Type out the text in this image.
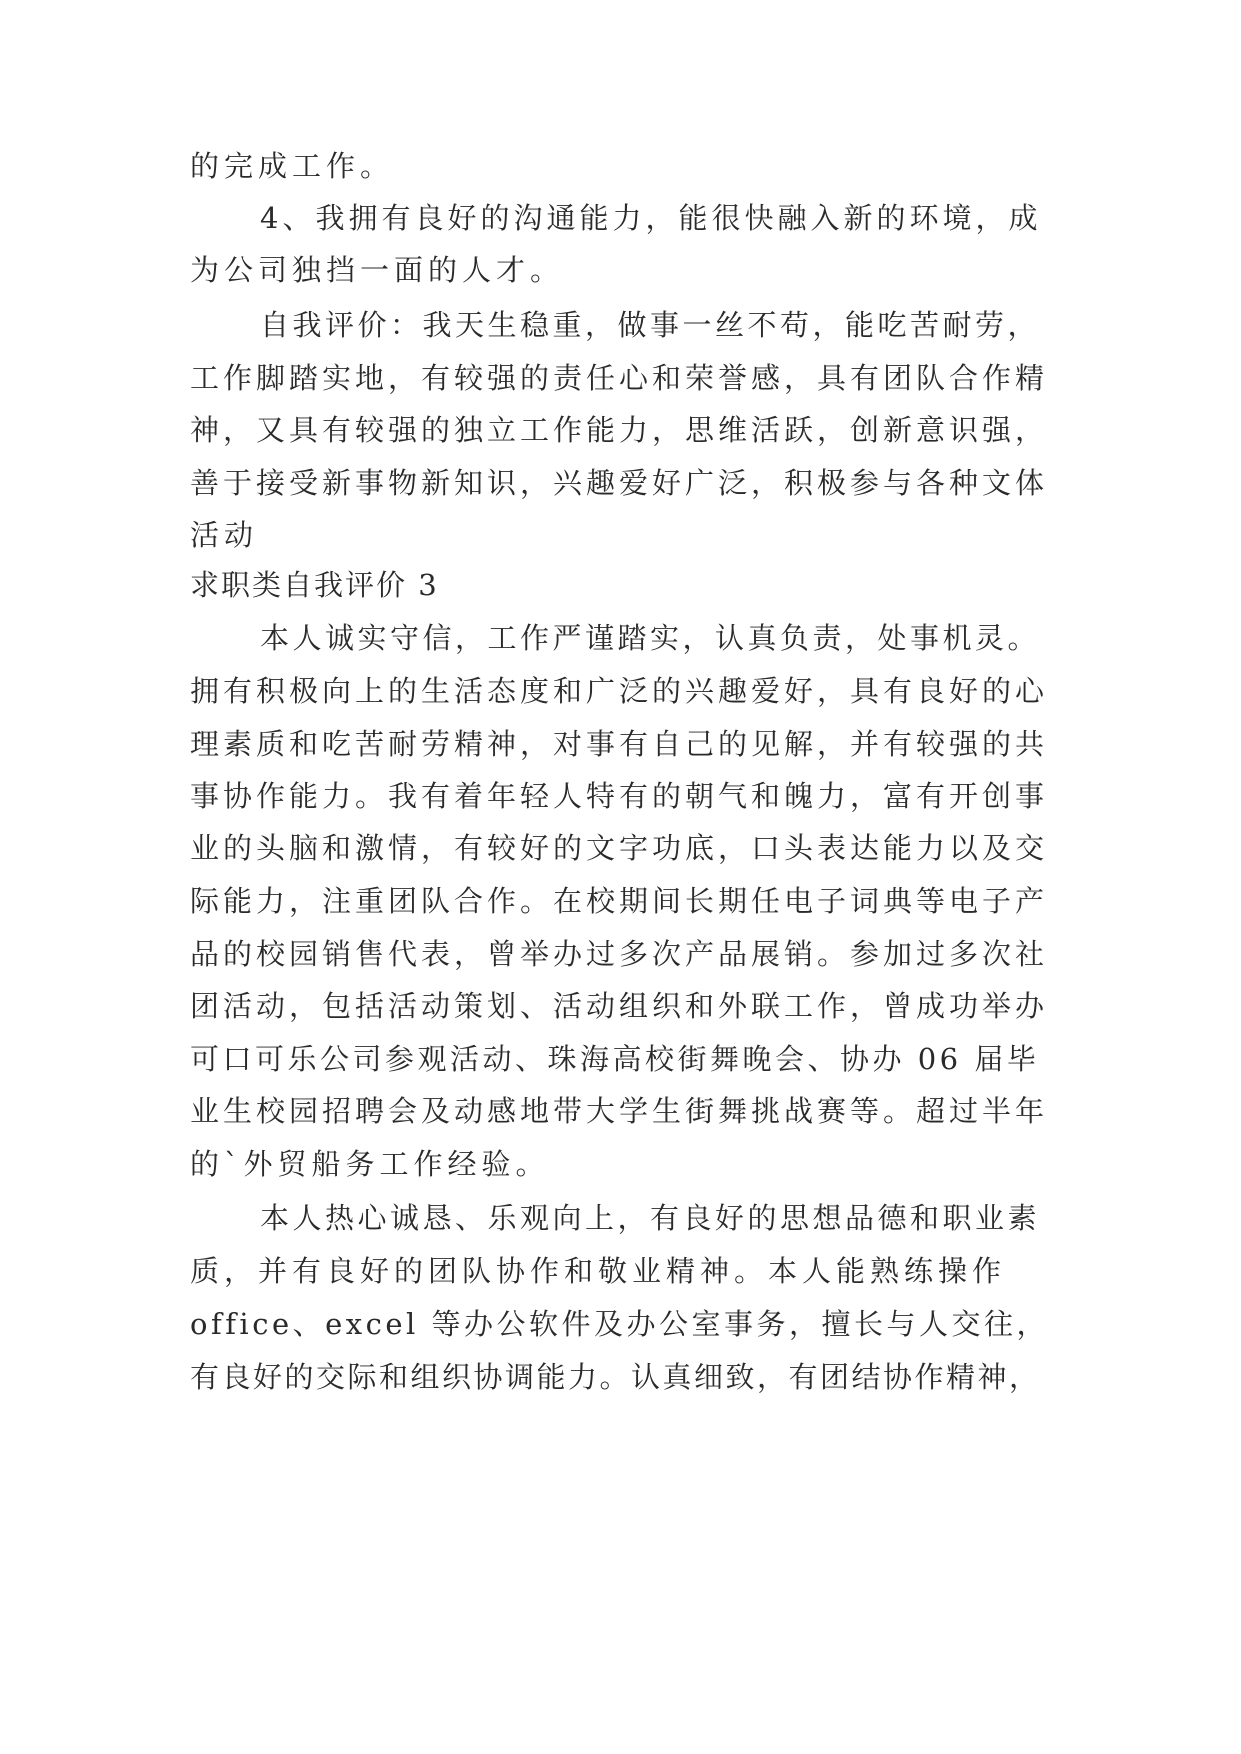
的完成工作。
4、我拥有良好的沟通能力，能很快融入新的环境，成
为公司独挡一面的人才。
自我评价：我天生稳重，做事一丝不苟，能吃苦耐劳，
工作脚踏实地，有较强的责任心和荣誉感，具有团队合作精
神，又具有较强的独立工作能力，思维活跃，创新意识强，
善于接受新事物新知识，兴趣爱好广泛，积极参与各种文体
活动
求职类自我评价 3
本人诚实守信，工作严谨踏实，认真负责，处事机灵。
拥有积极向上的生活态度和广泛的兴趣爱好，具有良好的心
理素质和吃苦耐劳精神，对事有自己的见解，并有较强的共
事协作能力。我有着年轻人特有的朝气和魄力，富有开创事
业的头脑和激情，有较好的文字功底，口头表达能力以及交
际能力，注重团队合作。在校期间长期任电子词典等电子产
品的校园销售代表，曾举办过多次产品展销。参加过多次社
团活动，包括活动策划、活动组织和外联工作，曾成功举办
可口可乐公司参观活动、珠海高校街舞晚会、协办 06 届毕
业生校园招聘会及动感地带大学生街舞挑战赛等。超过半年
的`外贸船务工作经验。
本人热心诚恳、乐观向上，有良好的思想品德和职业素
质，并有良好的团队协作和敬业精神。本人能熟练操作
office、excel 等办公软件及办公室事务，擅长与人交往，
有良好的交际和组织协调能力。认真细致，有团结协作精神，
